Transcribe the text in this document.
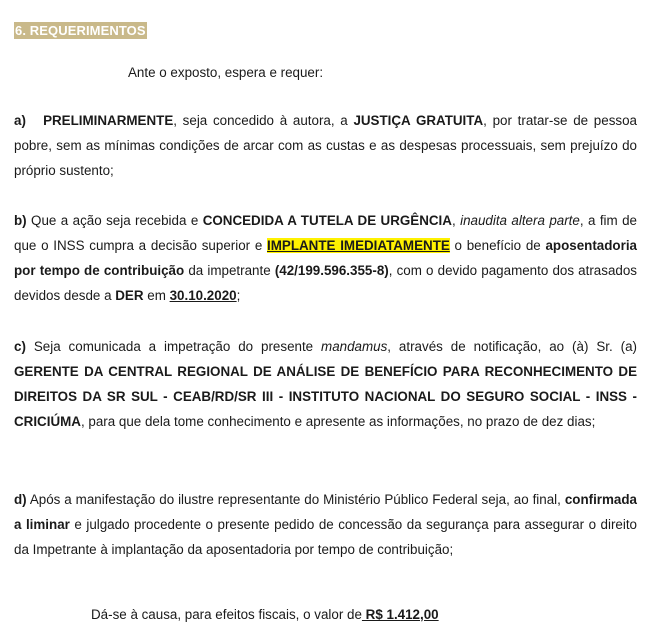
6. REQUERIMENTOS
Ante o exposto, espera e requer:
a) PRELIMINARMENTE, seja concedido à autora, a JUSTIÇA GRATUITA, por tratar-se de pessoa pobre, sem as mínimas condições de arcar com as custas e as despesas processuais, sem prejuízo do próprio sustento;
b) Que a ação seja recebida e CONCEDIDA A TUTELA DE URGÊNCIA, inaudita altera parte, a fim de que o INSS cumpra a decisão superior e IMPLANTE IMEDIATAMENTE o benefício de aposentadoria por tempo de contribuição da impetrante (42/199.596.355-8), com o devido pagamento dos atrasados devidos desde a DER em 30.10.2020;
c) Seja comunicada a impetração do presente mandamus, através de notificação, ao (à) Sr. (a) GERENTE DA CENTRAL REGIONAL DE ANÁLISE DE BENEFÍCIO PARA RECONHECIMENTO DE DIREITOS DA SR SUL - CEAB/RD/SR III - INSTITUTO NACIONAL DO SEGURO SOCIAL - INSS - CRICIÚMA, para que dela tome conhecimento e apresente as informações, no prazo de dez dias;
d) Após a manifestação do ilustre representante do Ministério Público Federal seja, ao final, confirmada a liminar e julgado procedente o presente pedido de concessão da segurança para assegurar o direito da Impetrante à implantação da aposentadoria por tempo de contribuição;
Dá-se à causa, para efeitos fiscais, o valor de R$ 1.412,00
